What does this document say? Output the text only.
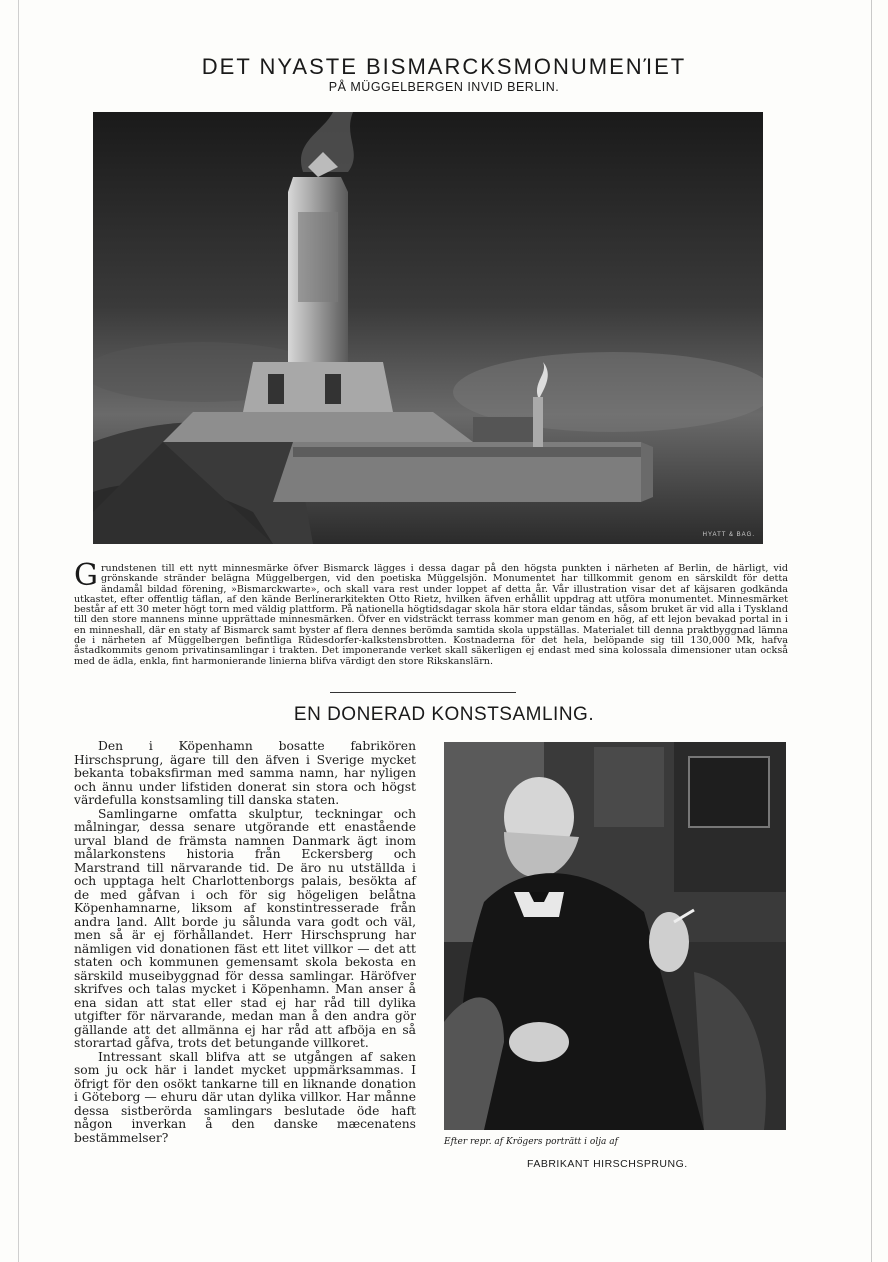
DET NYASTE BISMARCKSMONUMENΊΕΤ
PÅ MÜGGELBERGEN INVID BERLIN.
HYATT & BAG.
Grundstenen till ett nytt minnesmärke öfver Bismarck lägges i dessa dagar på den högsta punkten i närheten af Berlin, de härligt, vid grönskande stränder belägna Müggelbergen, vid den poetiska Müggelsjön. Monumentet har tillkommit genom en särskildt för detta ändamål bildad förening, »Bismarckwarte», och skall vara rest under loppet af detta år. Vår illustration visar det af käjsaren godkända utkastet, efter offentlig täflan, af den kände Berlinerarkitekten Otto Rietz, hvilken äfven erhållit uppdrag att utföra monumentet. Minnesmärket består af ett 30 meter högt torn med väldig plattform. På nationella högtidsdagar skola här stora eldar tändas, såsom bruket är vid alla i Tyskland till den store mannens minne upprättade minnesmärken. Öfver en vidsträckt terrass kommer man genom en hög, af ett lejon bevakad portal in i en minneshall, där en staty af Bismarck samt byster af flera dennes berömda samtida skola uppställas. Materialet till denna praktbyggnad lämna de i närheten af Müggelbergen befintliga Rüdesdorfer-kalkstensbrotten. Kostnaderna för det hela, belöpande sig till 130,000 Mk, hafva åstadkommits genom privatinsamlingar i trakten. Det imponerande verket skall säkerligen ej endast med sina kolossala dimensioner utan också med de ädla, enkla, fint harmonierande linierna blifva värdigt den store Rikskanslärn.
EN DONERAD KONSTSAMLING.

Den i Köpenhamn bosatte fabrikören Hirschsprung, ägare till den äfven i Sverige mycket bekanta tobaksfirman med samma namn, har nyligen och ännu under lifstiden donerat sin stora och högst värdefulla konstsamling till danska staten.

Samlingarne omfatta skulptur, teckningar och målningar, dessa senare utgörande ett enastående urval bland de främsta namnen Danmark ägt inom målarkonstens historia från Eckersberg och Marstrand till närvarande tid. De äro nu utställda i och upptaga helt Charlottenborgs palais, besökta af de med gåfvan i och för sig högeligen belåtna Köpenhamnarne, liksom af konstintresserade från andra land. Allt borde ju sålunda vara godt och väl, men så är ej förhållandet. Herr Hirschsprung har nämligen vid donationen fäst ett litet villkor — det att staten och kommunen gemensamt skola bekosta en särskild museibyggnad för dessa samlingar. Häröfver skrifves och talas mycket i Köpenhamn. Man anser å ena sidan att stat eller stad ej har råd till dylika utgifter för närvarande, medan man å den andra gör gällande att det allmänna ej har råd att afböja en så storartad gåfva, trots det betungande villkoret.

Intressant skall blifva att se utgången af saken som ju ock här i landet mycket uppmärksammas. I öfrigt för den osökt tankarne till en liknande donation i Göteborg — ehuru där utan dylika villkor. Har månne dessa sistberörda samlingars beslutade öde haft någon inverkan å den danske mæcenatens bestämmelser?	Efter repr. af Krögers porträtt i olja af
FABRIKANT HIRSCHSPRUNG.
